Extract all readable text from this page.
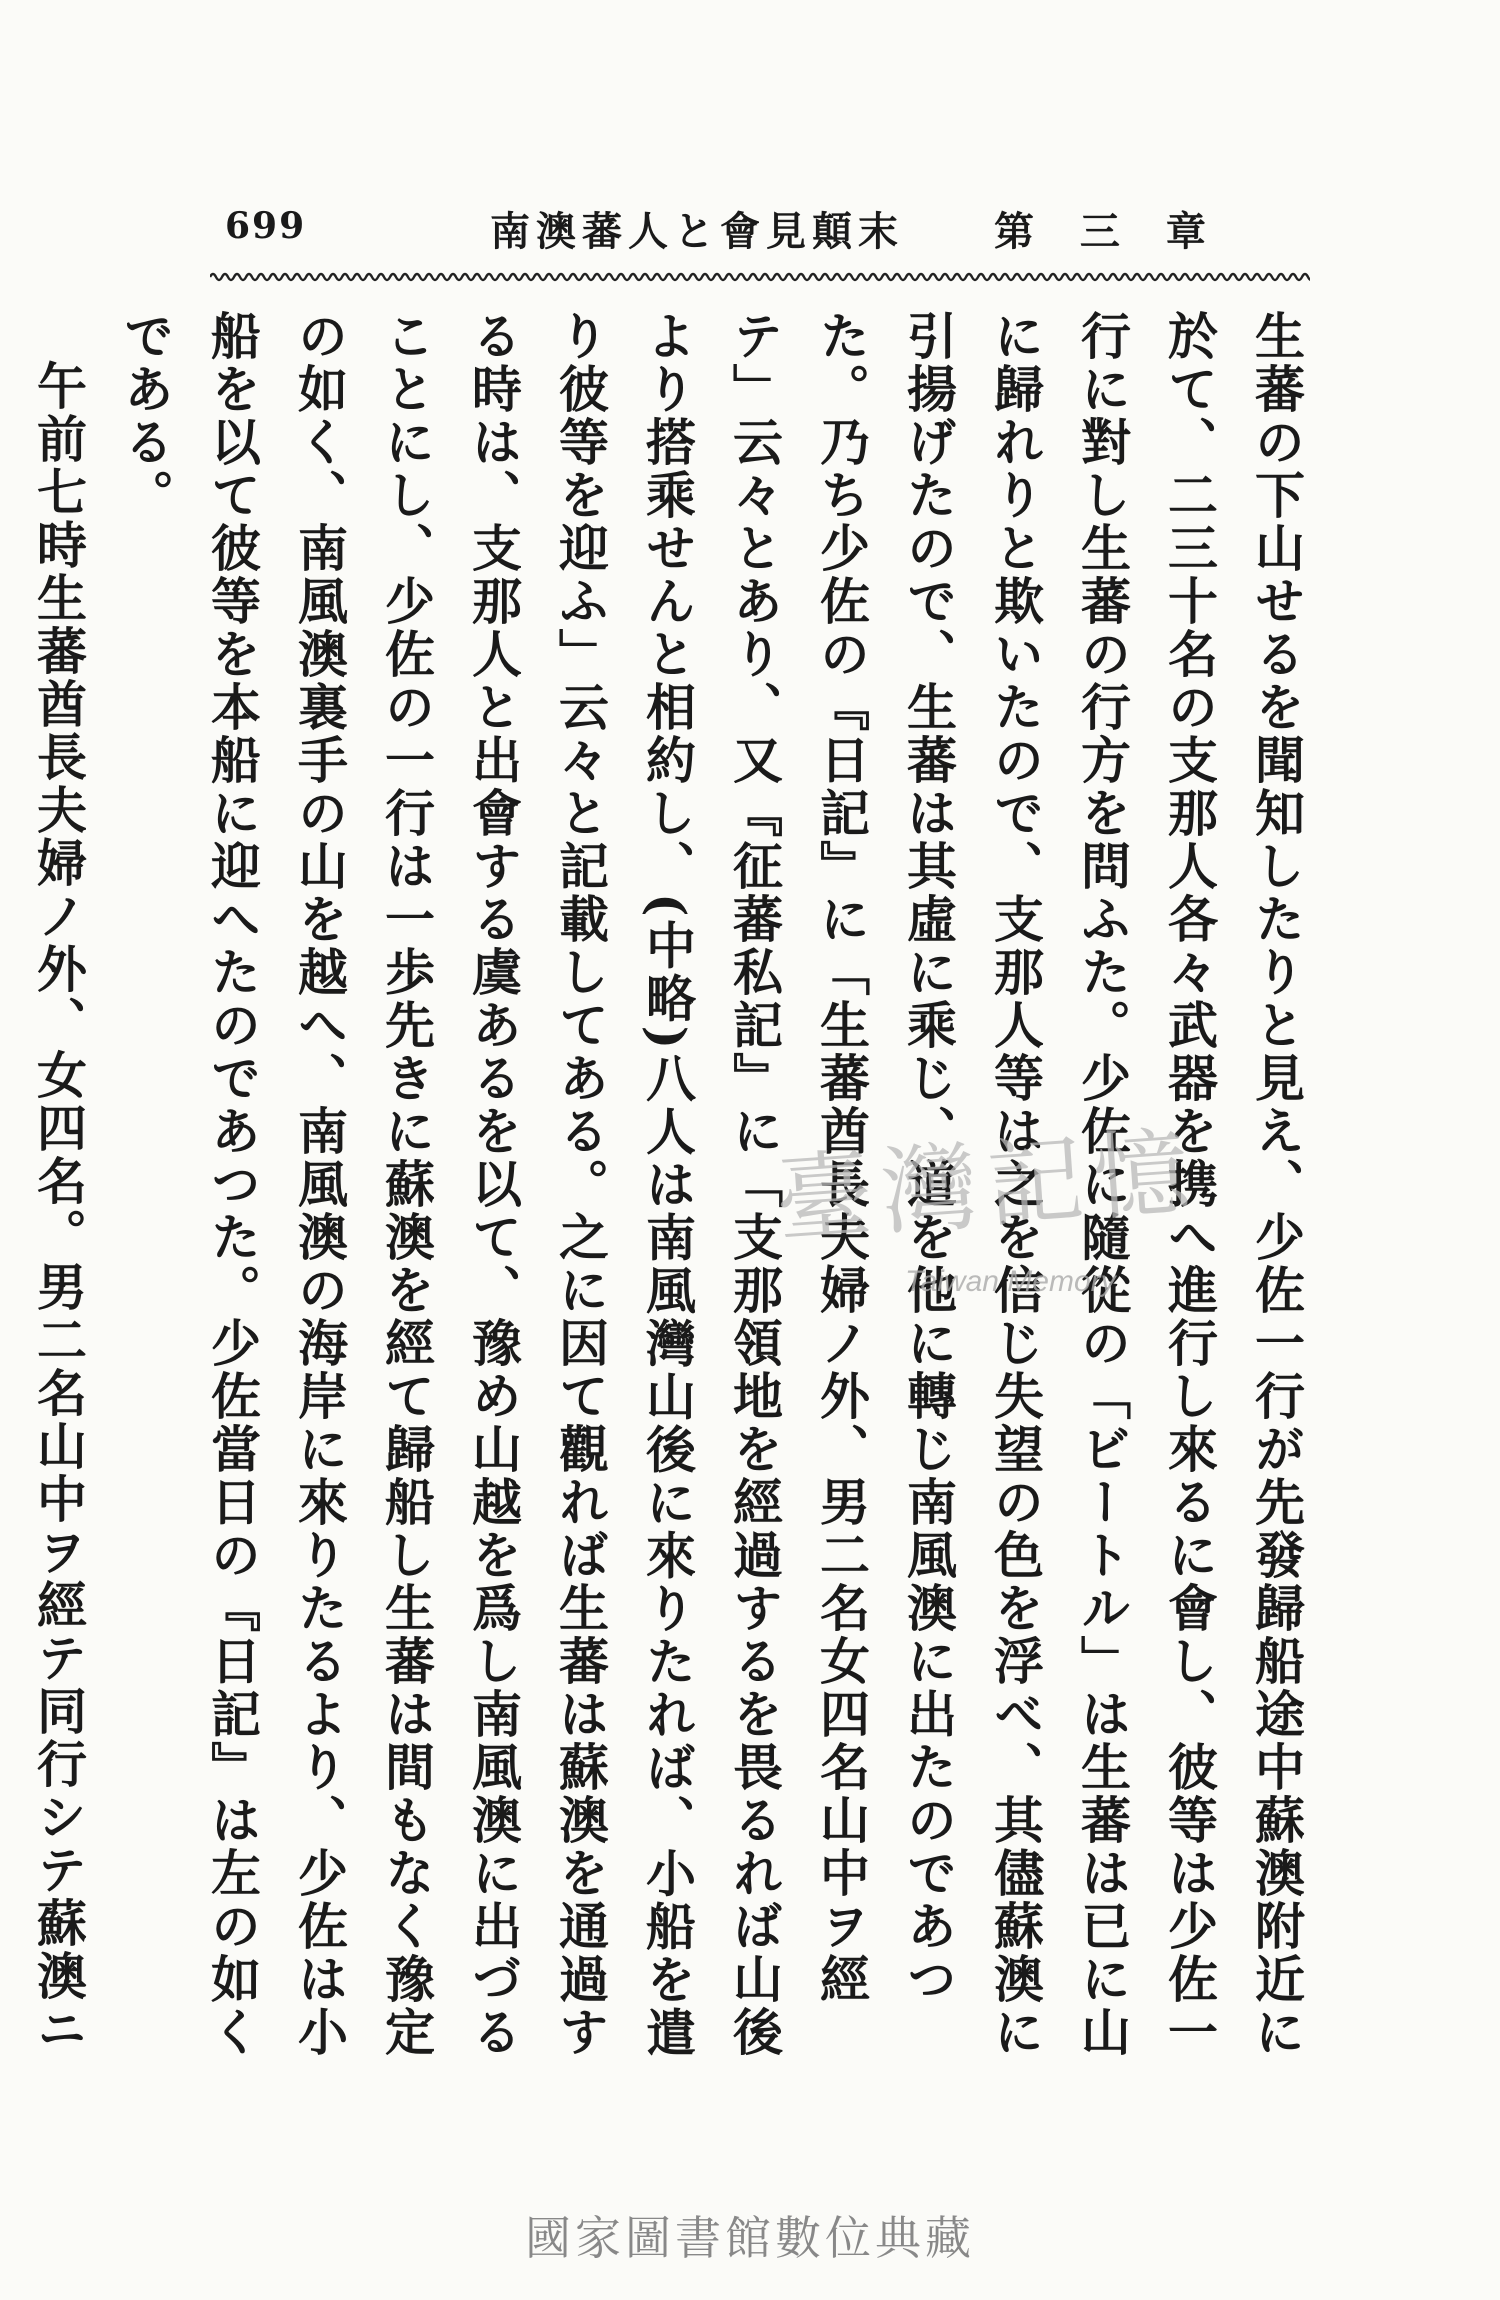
699	南澳蕃人と會見顛末 第三章

生蕃の下山せるを聞知したりと見え、少佐一行が先發歸船途中蘇澳附近に於て、二三十名の支那人各々武器を携へ進行し來るに會し、彼等は少佐一行に對し生蕃の行方を問ふた。少佐に隨從の「ビートル」は生蕃は已に山に歸れりと欺いたので、支那人等は之を信じ失望の色を浮べ、其儘蘇澳に引揚げたので、生蕃は其虛に乘じ、道を他に轉じ南風澳に出たのであつた。乃ち少佐の『日記』に「生蕃酋長夫婦ノ外、男二名女四名山中ヲ經テ」云々とあり、又『征蕃私記』に「支那領地を經過するを畏るれば山後より搭乘せんと相約し、(中略)八人は南風灣山後に來りたれば、小船を遣り彼等を迎ふ」云々と記載してある。之に因て觀れば生蕃は蘇澳を通過する時は、支那人と出會する虞あるを以て、豫め山越を爲し南風澳に出づることにし、少佐の一行は一歩先きに蘇澳を經て歸船し生蕃は間もなく豫定の如く、南風澳裏手の山を越へ、南風澳の海岸に來りたるより、少佐は小船を以て彼等を本船に迎へたのであつた。少佐當日の『日記』は左の如くである。

午前七時生蕃酋長夫婦ノ外、女四名。男二名山中ヲ經テ同行シテ蘇澳ニ

臺灣記憶
Taiwan Memory
國家圖書館數位典藏
